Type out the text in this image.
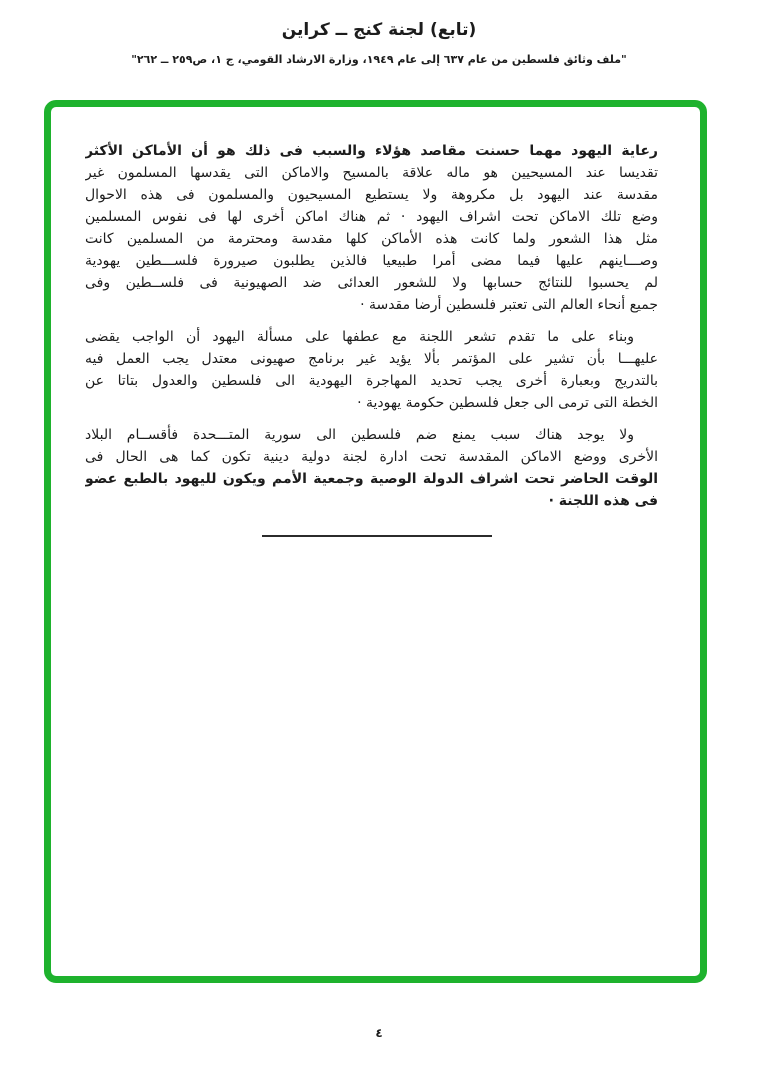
(تابع) لجنة كنج ــ كراين
"ملف وثائق فلسطين من عام ٦٣٧ إلى عام ١٩٤٩، وزارة الارشاد القومي، ج ١، ص٢٥٩ ــ ٢٦٢"
رعاية اليهود مهما حسنت مقاصد هؤلاء والسبب فى ذلك هو أن الأماكن الأكثر
تقديسا عند المسيحيين هو ماله علاقة بالمسيح والاماكن التى يقدسها المسلمون غير
مقدسة عند اليهود بل مكروهة ولا يستطيع المسيحيون والمسلمون فى هذه الاحوال
وضع تلك الاماكن تحت اشراف اليهود · ثم هناك اماكن أخرى لها فى نفوس المسلمين
مثل هذا الشعور ولما كانت هذه الأماكن كلها مقدسة ومحترمة من المسلمين كانت
وصـــاينهم عليها فيما مضى أمرا طبيعيا فالذين يطلبون صيرورة فلســـطين يهودية
لم يحسبوا للنتائج حسابها ولا للشعور العدائى ضد الصهيونية فى فلســطين وفى
جميع أنحاء العالم التى تعتبر فلسطين أرضا مقدسة ·
وبناء على ما تقدم تشعر اللجنة مع عطفها على مسألة اليهود أن الواجب يقضى
عليهـــا بأن تشير على المؤتمر بألا يؤيد غير برنامج صهيونى معتدل يجب العمل فيه
بالتدريج وبعبارة أخرى يجب تحديد المهاجرة اليهودية الى فلسطين والعدول بتاتا عن
الخطة التى ترمى الى جعل فلسطين حكومة يهودية ·
ولا يوجد هناك سبب يمنع ضم فلسطين الى سورية المتـــحدة فأقســام البلاد
الأخرى ووضع الاماكن المقدسة تحت ادارة لجنة دولية دينية تكون كما هى الحال فى
الوقت الحاضر تحت اشراف الدولة الوصية وجمعية الأمم ويكون لليهود بالطبع عضو
فى هذه اللجنة ·
٤
